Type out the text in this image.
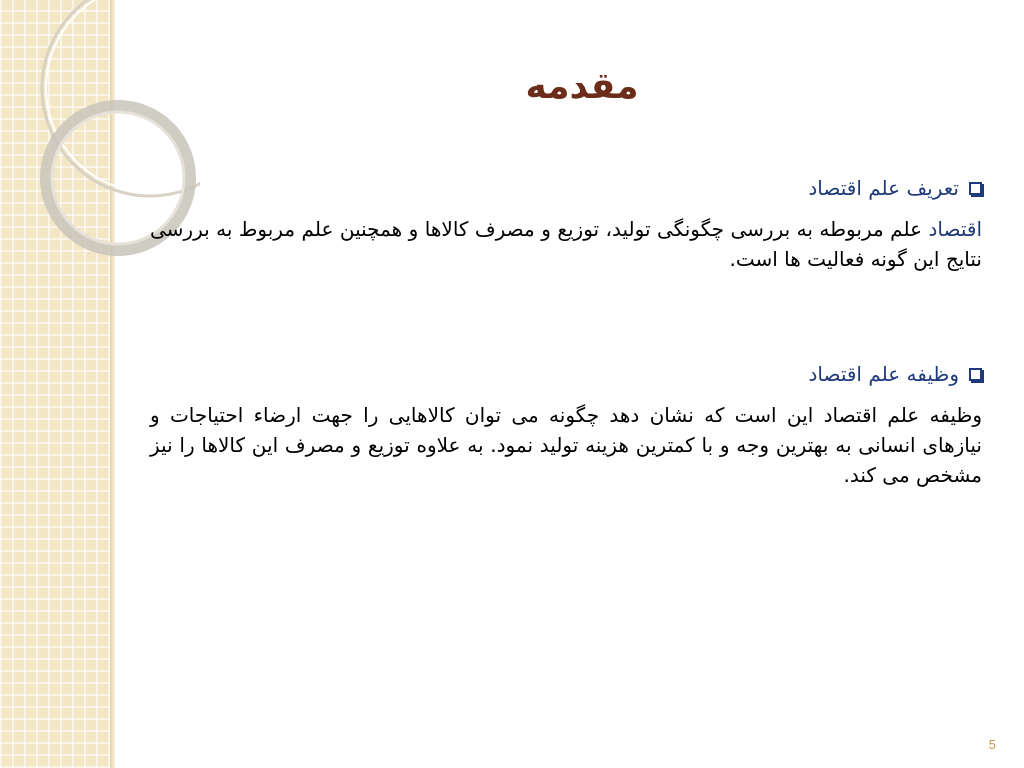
مقدمه
تعریف علم اقتصاد
اقتصاد علم مربوطه به بررسی چگونگی تولید، توزیع و مصرف کالاها و همچنین علم مربوط به بررسی نتایج این گونه فعالیت ها است.
وظیفه علم اقتصاد
وظیفه علم اقتصاد این است که نشان دهد چگونه می توان کالاهایی را جهت ارضاء احتیاجات و نیازهای انسانی به بهترین وجه و با کمترین هزینه تولید نمود. به علاوه توزیع و مصرف این کالاها را نیز مشخص می کند.
5
